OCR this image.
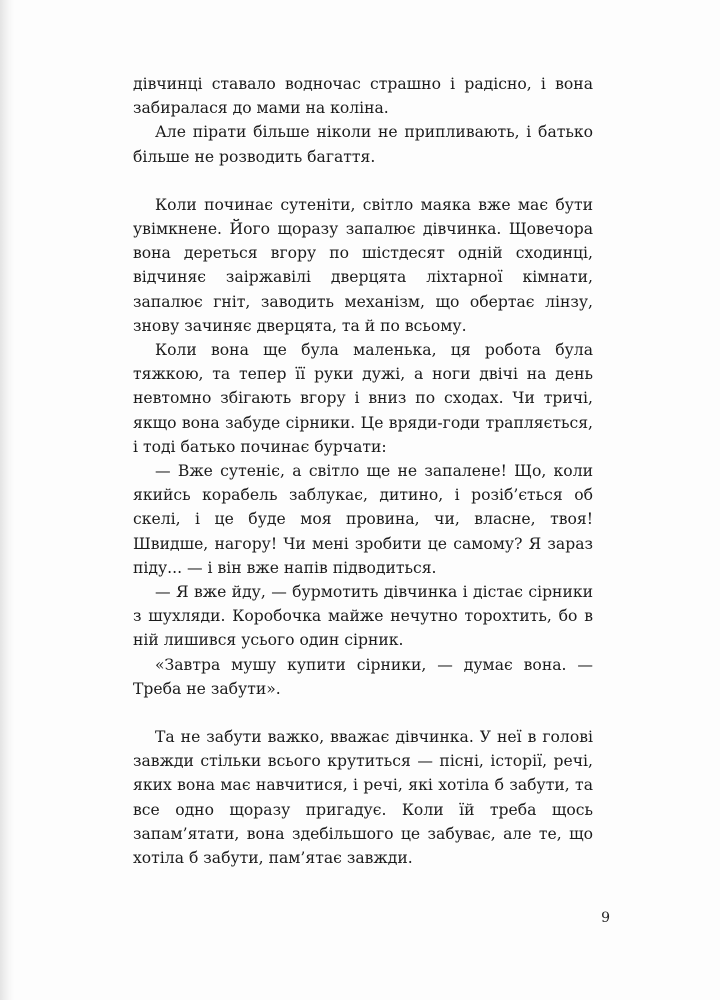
дівчинці ставало водночас страшно і радісно, і вона забиралася до мами на коліна.

Але пірати більше ніколи не припливають, і батько більше не розводить багаття.

Коли починає сутеніти, світло маяка вже має бути увімкнене. Його щоразу запалює дівчинка. Щовечора вона дереться вгору по шістдесят одній сходинці, відчиняє заіржавілі дверцята ліхтарної кімнати, запалює гніт, заводить механізм, що обертає лінзу, знову зачиняє дверцята, та й по всьому.

Коли вона ще була маленька, ця робота була тяжкою, та тепер її руки дужі, а ноги двічі на день невтомно збігають вгору і вниз по сходах. Чи тричі, якщо вона забуде сірники. Це вряди-годи трапляється, і тоді батько починає бурчати:

— Вже сутеніє, а світло ще не запалене! Що, коли якийсь корабель заблукає, дитино, і розіб’ється об скелі, і це буде моя провина, чи, власне, твоя! Швидше, нагору! Чи мені зробити це самому? Я зараз піду... — і він вже напів підводиться.

— Я вже йду, — бурмотить дівчинка і дістає сірники з шухляди. Коробочка майже нечутно торохтить, бо в ній лишився усього один сірник.

«Завтра мушу купити сірники, — думає вона. — Треба не забути».

Та не забути важко, вважає дівчинка. У неї в голові завжди стільки всього крутиться — пісні, історії, речі, яких вона має навчитися, і речі, які хотіла б забути, та все одно щоразу пригадує. Коли їй треба щось запам’ятати, вона здебільшого це забуває, але те, що хотіла б забути, пам’ятає завжди.

9
